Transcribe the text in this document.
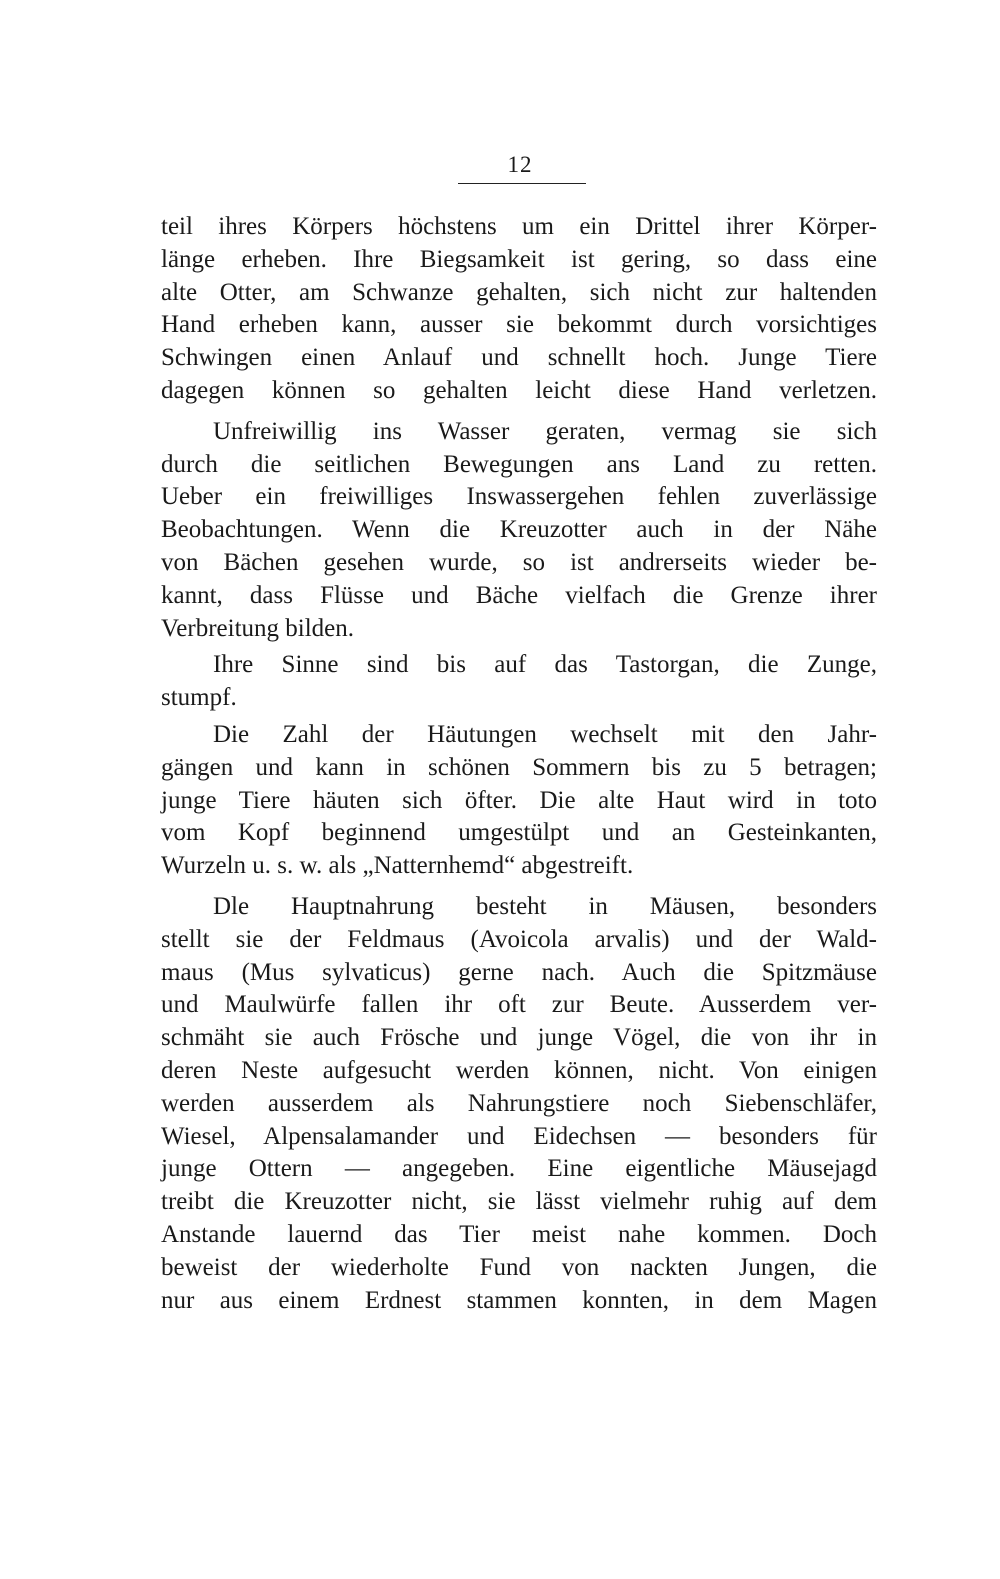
12
teil ihres Körpers höchstens um ein Drittel ihrer Körper-
länge erheben. Ihre Biegsamkeit ist gering, so dass eine
alte Otter, am Schwanze gehalten, sich nicht zur haltenden
Hand erheben kann, ausser sie bekommt durch vorsichtiges
Schwingen einen Anlauf und schnellt hoch. Junge Tiere
dagegen können so gehalten leicht diese Hand verletzen.
Unfreiwillig ins Wasser geraten, vermag sie sich
durch die seitlichen Bewegungen ans Land zu retten.
Ueber ein freiwilliges Inswassergehen fehlen zuverlässige
Beobachtungen. Wenn die Kreuzotter auch in der Nähe
von Bächen gesehen wurde, so ist andrerseits wieder be-
kannt, dass Flüsse und Bäche vielfach die Grenze ihrer
Verbreitung bilden.
Ihre Sinne sind bis auf das Tastorgan, die Zunge,
stumpf.
Die Zahl der Häutungen wechselt mit den Jahr-
gängen und kann in schönen Sommern bis zu 5 betragen;
junge Tiere häuten sich öfter. Die alte Haut wird in toto
vom Kopf beginnend umgestülpt und an Gesteinkanten,
Wurzeln u. s. w. als „Natternhemd“ abgestreift.
Dle Hauptnahrung besteht in Mäusen, besonders
stellt sie der Feldmaus (Avoicola arvalis) und der Wald-
maus (Mus sylvaticus) gerne nach. Auch die Spitzmäuse
und Maulwürfe fallen ihr oft zur Beute. Ausserdem ver-
schmäht sie auch Frösche und junge Vögel, die von ihr in
deren Neste aufgesucht werden können, nicht. Von einigen
werden ausserdem als Nahrungstiere noch Siebenschläfer,
Wiesel, Alpensalamander und Eidechsen — besonders für
junge Ottern — angegeben. Eine eigentliche Mäusejagd
treibt die Kreuzotter nicht, sie lässt vielmehr ruhig auf dem
Anstande lauernd das Tier meist nahe kommen. Doch
beweist der wiederholte Fund von nackten Jungen, die
nur aus einem Erdnest stammen konnten, in dem Magen
